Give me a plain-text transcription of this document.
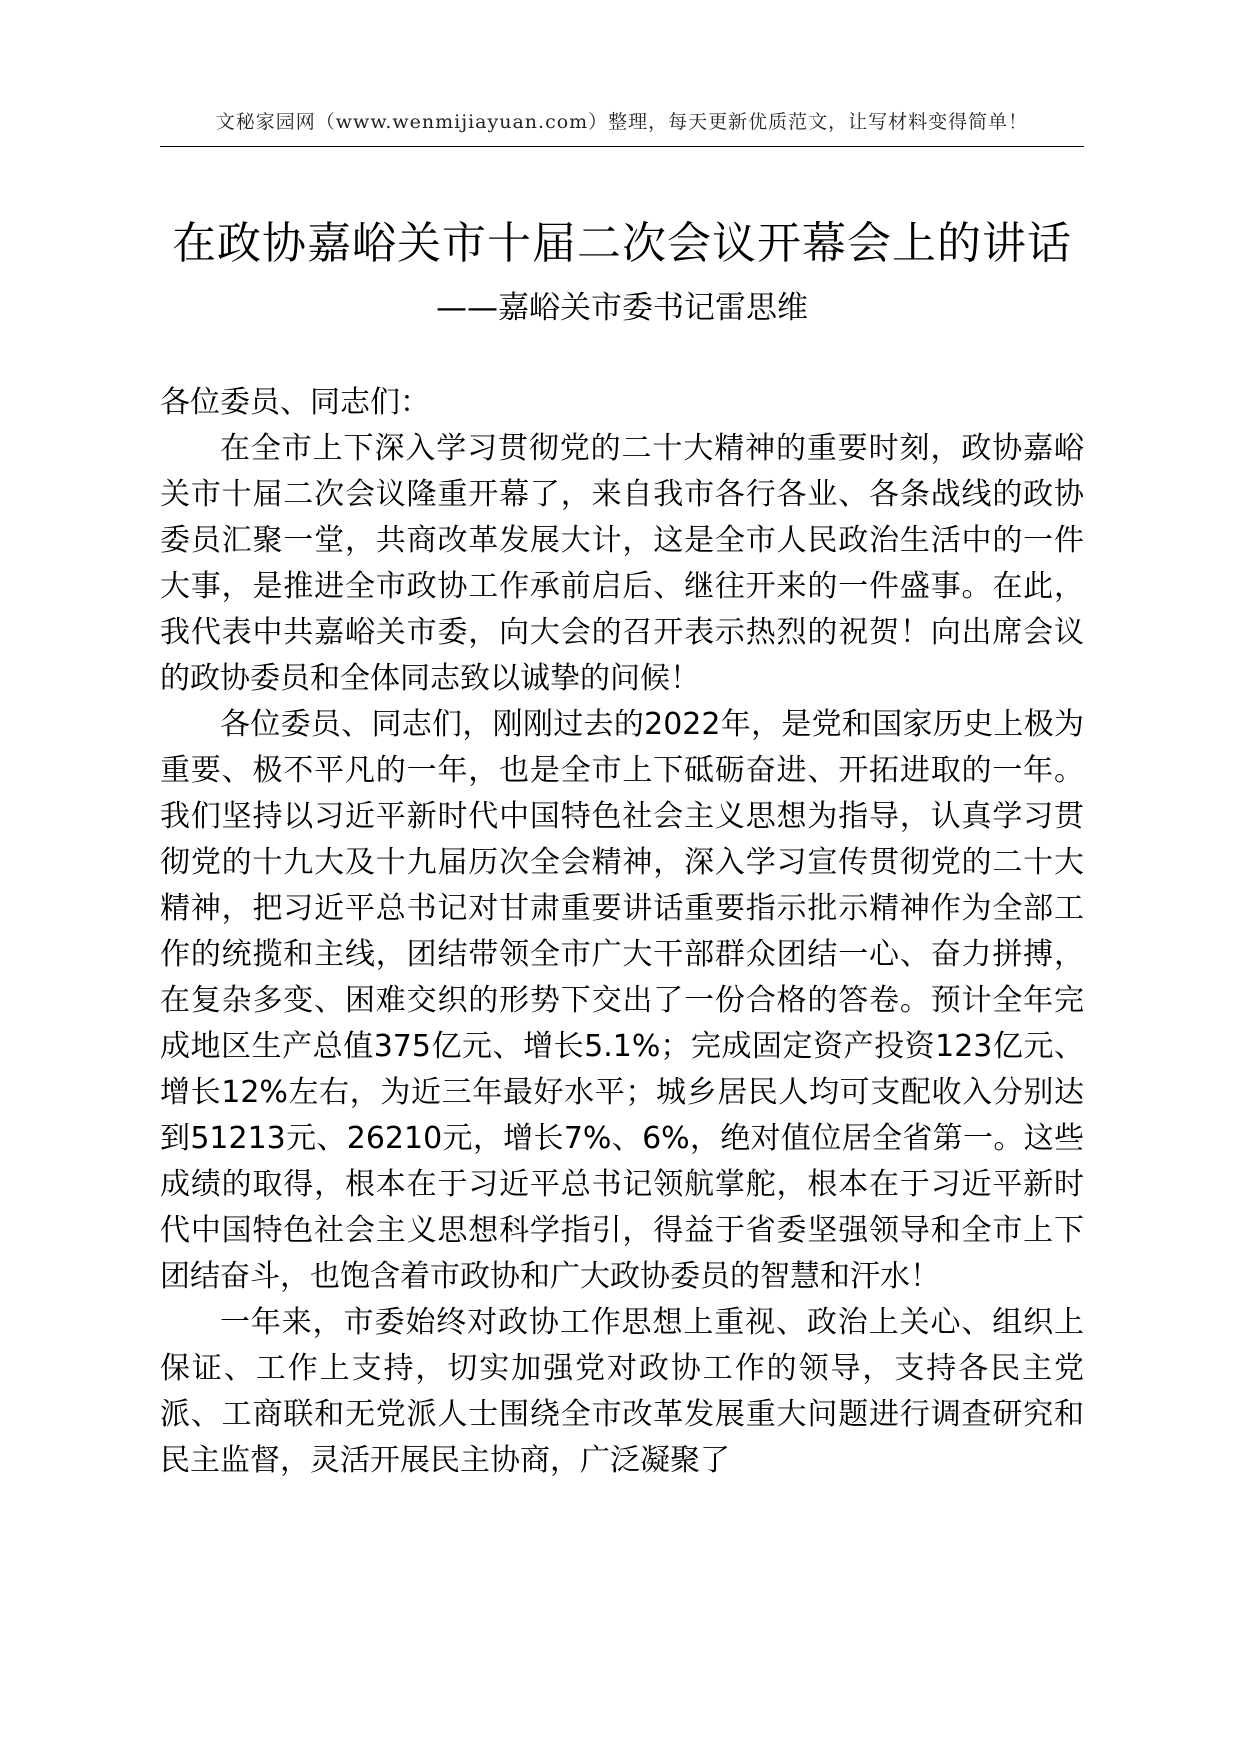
文秘家园网（www.wenmijiayuan.com）整理，每天更新优质范文，让写材料变得简单！
在政协嘉峪关市十届二次会议开幕会上的讲话
——嘉峪关市委书记雷思维

各位委员、同志们：

在全市上下深入学习贯彻党的二十大精神的重要时刻，政协嘉峪关市十届二次会议隆重开幕了，来自我市各行各业、各条战线的政协委员汇聚一堂，共商改革发展大计，这是全市人民政治生活中的一件大事，是推进全市政协工作承前启后、继往开来的一件盛事。在此，我代表中共嘉峪关市委，向大会的召开表示热烈的祝贺！向出席会议的政协委员和全体同志致以诚挚的问候！

各位委员、同志们，刚刚过去的2022年，是党和国家历史上极为重要、极不平凡的一年，也是全市上下砥砺奋进、开拓进取的一年。我们坚持以习近平新时代中国特色社会主义思想为指导，认真学习贯彻党的十九大及十九届历次全会精神，深入学习宣传贯彻党的二十大精神，把习近平总书记对甘肃重要讲话重要指示批示精神作为全部工作的统揽和主线，团结带领全市广大干部群众团结一心、奋力拼搏，在复杂多变、困难交织的形势下交出了一份合格的答卷。预计全年完成地区生产总值375亿元、增长5.1%；完成固定资产投资123亿元、增长12%左右，为近三年最好水平；城乡居民人均可支配收入分别达到51213元、26210元，增长7%、6%，绝对值位居全省第一。这些成绩的取得，根本在于习近平总书记领航掌舵，根本在于习近平新时代中国特色社会主义思想科学指引，得益于省委坚强领导和全市上下团结奋斗，也饱含着市政协和广大政协委员的智慧和汗水！

一年来，市委始终对政协工作思想上重视、政治上关心、组织上保证、工作上支持，切实加强党对政协工作的领导，支持各民主党派、工商联和无党派人士围绕全市改革发展重大问题进行调查研究和民主监督，灵活开展民主协商，广泛凝聚了
